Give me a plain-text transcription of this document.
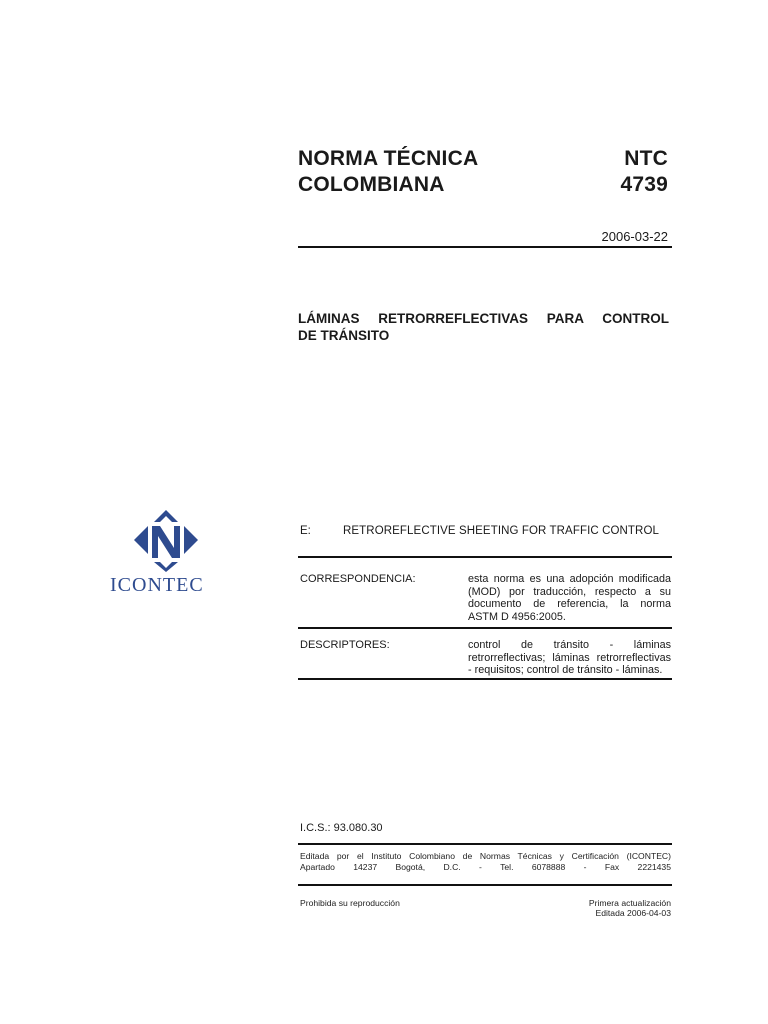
NORMA TÉCNICA
COLOMBIANA
NTC
4739
2006-03-22
LÁMINAS RETRORREFLECTIVAS PARA CONTROL
DE TRÁNSITO
ICONTEC
E:	RETROREFLECTIVE SHEETING FOR TRAFFIC CONTROL
CORRESPONDENCIA:	esta norma es una adopción modificada
(MOD) por traducción, respecto a su
documento de referencia, la norma
ASTM D 4956:2005.
DESCRIPTORES:	control de tránsito - láminas
retrorreflectivas; láminas retrorreflectivas
- requisitos; control de tránsito - láminas.
I.C.S.: 93.080.30
Editada por el Instituto Colombiano de Normas Técnicas y Certificación (ICONTEC)
Apartado 14237 Bogotá, D.C. - Tel. 6078888 - Fax 2221435
Prohibida su reproducción	Primera actualización
Editada 2006-04-03
